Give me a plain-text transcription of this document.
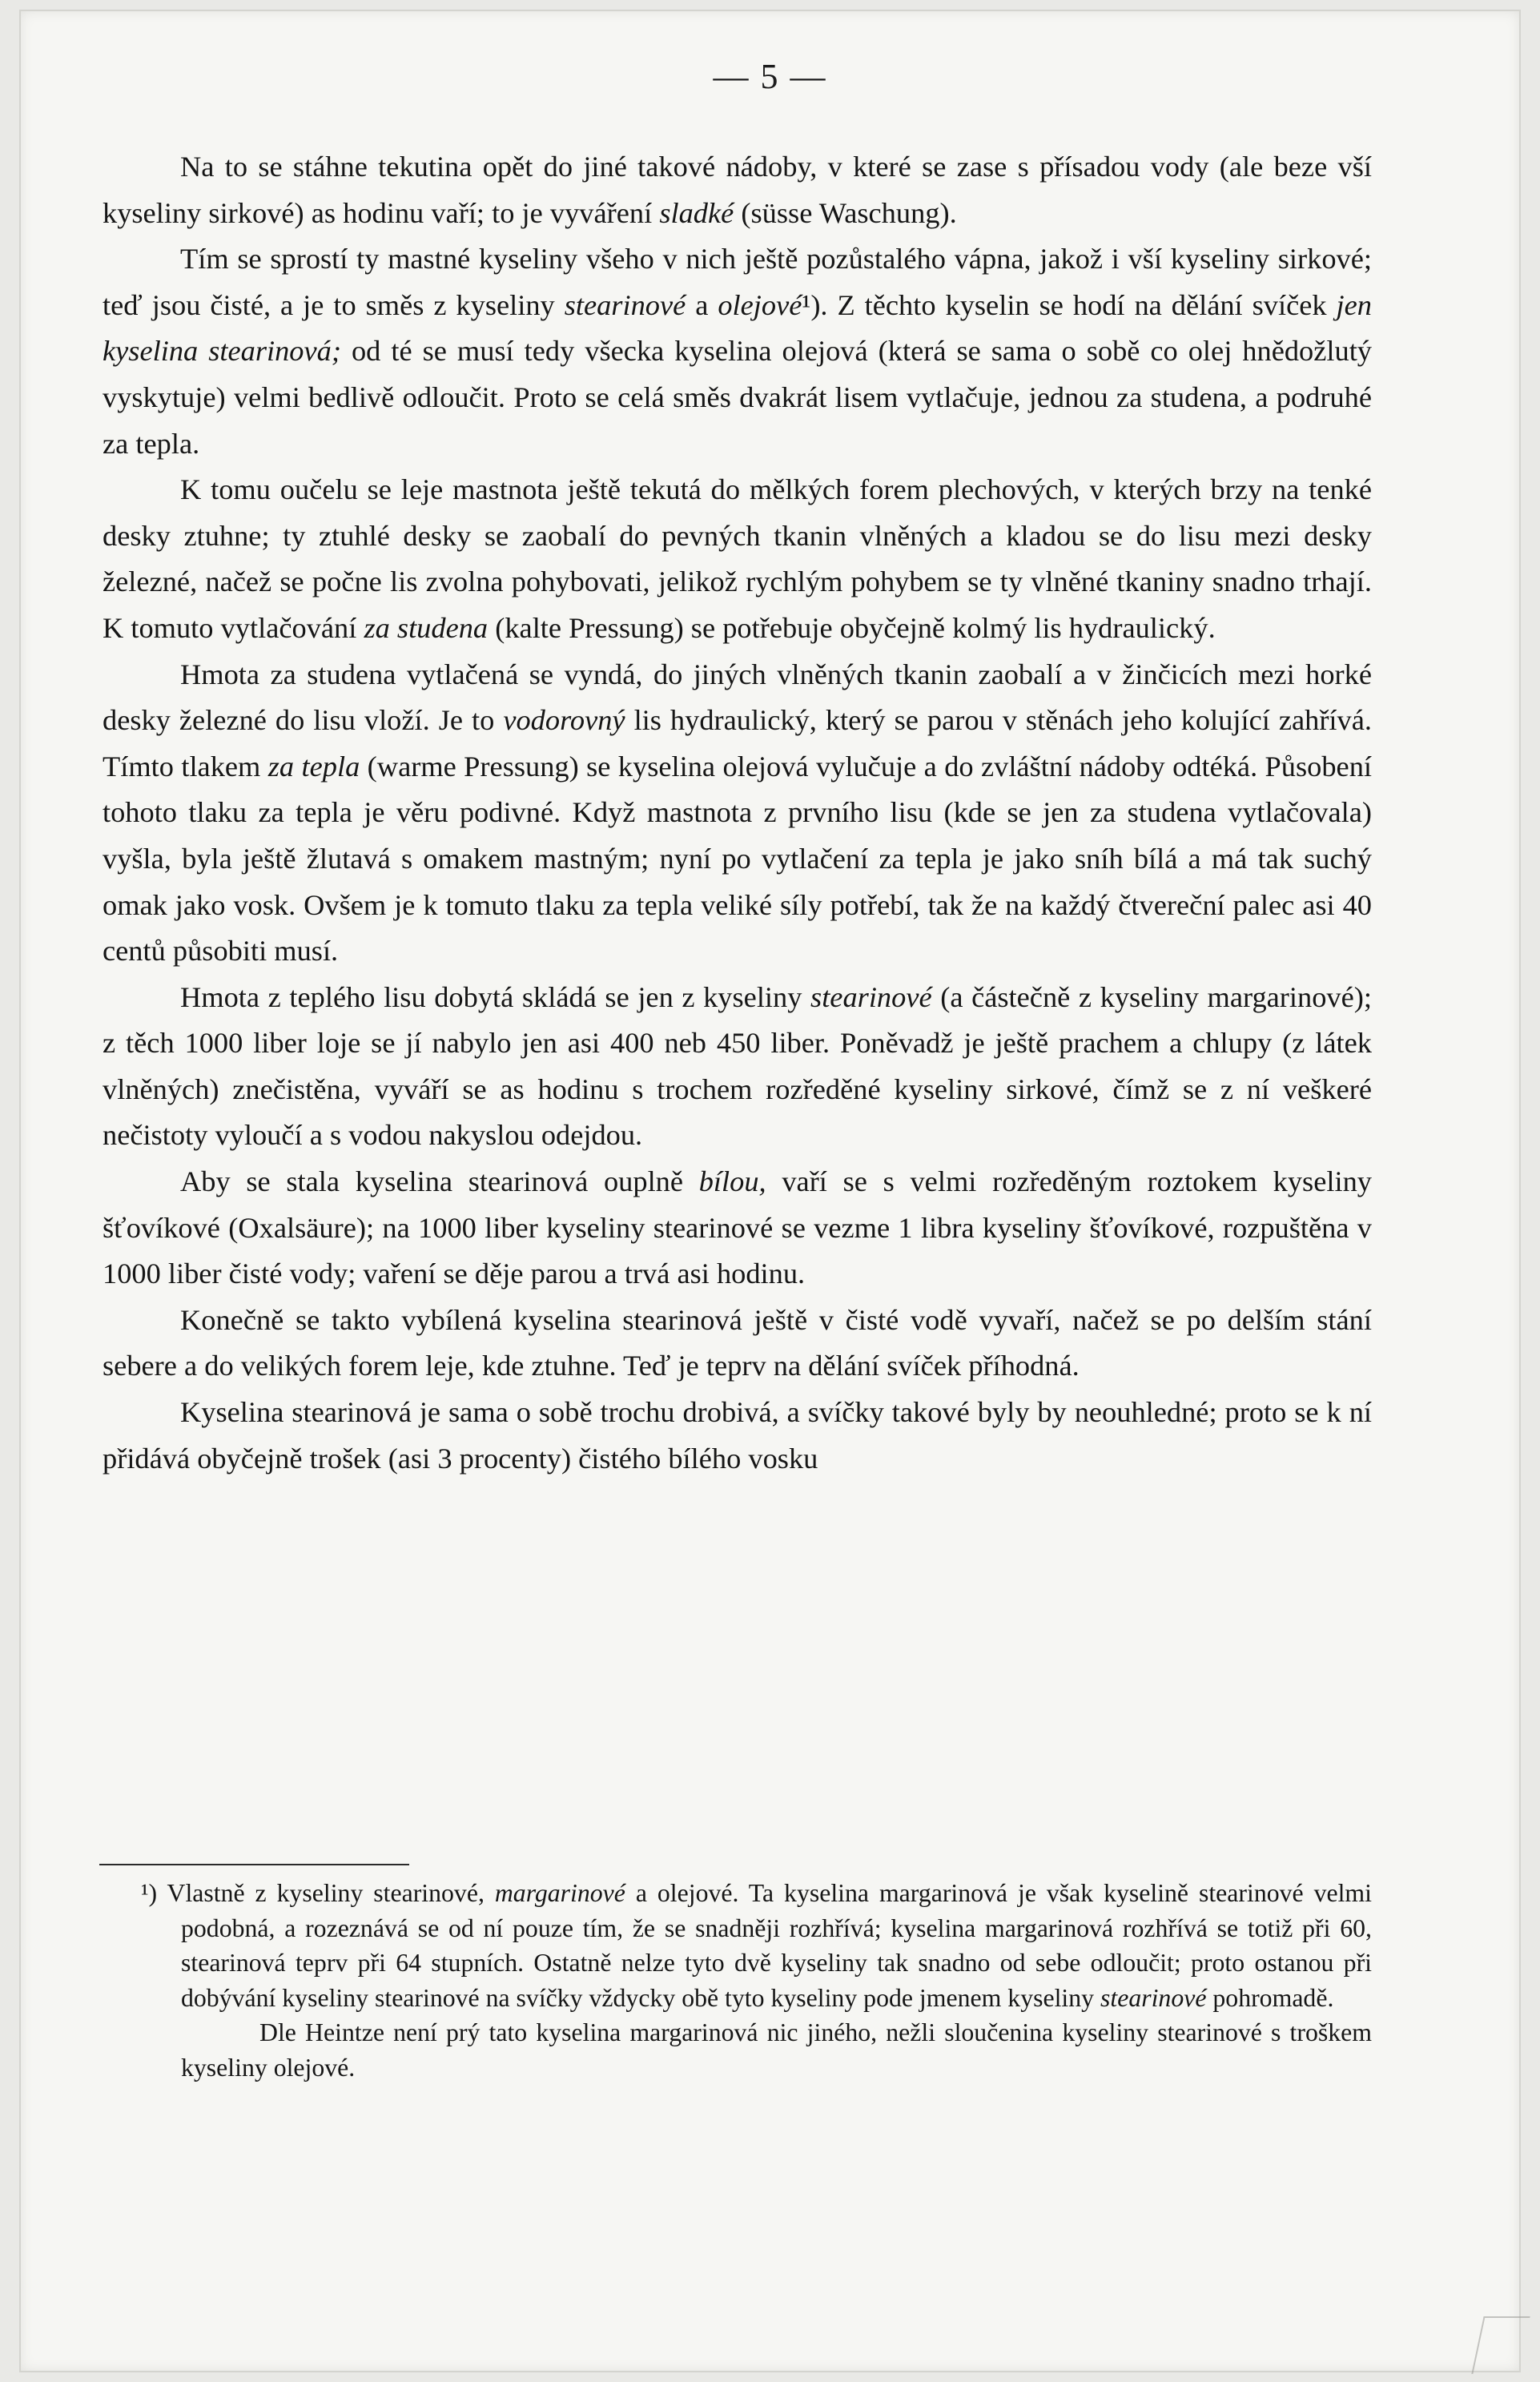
— 5 —

Na to se stáhne tekutina opět do jiné takové nádoby, v které se zase s přísadou vody (ale beze vší kyseliny sirkové) as hodinu vaří; to je vyváření sladké (süsse Waschung).

Tím se sprostí ty mastné kyseliny všeho v nich ještě pozůstalého vápna, jakož i vší kyseliny sirkové; teď jsou čisté, a je to směs z kyseliny stearinové a olejové¹). Z těchto kyselin se hodí na dělání svíček jen kyselina stearinová; od té se musí tedy všecka kyselina olejová (která se sama o sobě co olej hnědožlutý vyskytuje) velmi bedlivě odloučit. Proto se celá směs dvakrát lisem vytlačuje, jednou za studena, a podruhé za tepla.

K tomu oučelu se leje mastnota ještě tekutá do mělkých forem plechových, v kterých brzy na tenké desky ztuhne; ty ztuhlé desky se zaobalí do pevných tkanin vlněných a kladou se do lisu mezi desky železné, načež se počne lis zvolna pohybovati, jelikož rychlým pohybem se ty vlněné tkaniny snadno trhají. K tomuto vytlačování za studena (kalte Pressung) se potřebuje obyčejně kolmý lis hydraulický.

Hmota za studena vytlačená se vyndá, do jiných vlněných tkanin zaobalí a v žinčicích mezi horké desky železné do lisu vloží. Je to vodorovný lis hydraulický, který se parou v stěnách jeho kolující zahřívá. Tímto tlakem za tepla (warme Pressung) se kyselina olejová vylučuje a do zvláštní nádoby odtéká. Působení tohoto tlaku za tepla je věru podivné. Když mastnota z prvního lisu (kde se jen za studena vytlačovala) vyšla, byla ještě žlutavá s omakem mastným; nyní po vytlačení za tepla je jako sníh bílá a má tak suchý omak jako vosk. Ovšem je k tomuto tlaku za tepla veliké síly potřebí, tak že na každý čtvereční palec asi 40 centů působiti musí.

Hmota z teplého lisu dobytá skládá se jen z kyseliny stearinové (a částečně z kyseliny margarinové); z těch 1000 liber loje se jí nabylo jen asi 400 neb 450 liber. Poněvadž je ještě prachem a chlupy (z látek vlněných) znečistěna, vyváří se as hodinu s trochem rozředěné kyseliny sirkové, čímž se z ní veškeré nečistoty vyloučí a s vodou nakyslou odejdou.

Aby se stala kyselina stearinová ouplně bílou, vaří se s velmi rozředěným roztokem kyseliny šťovíkové (Oxalsäure); na 1000 liber kyseliny stearinové se vezme 1 libra kyseliny šťovíkové, rozpuštěna v 1000 liber čisté vody; vaření se děje parou a trvá asi hodinu.

Konečně se takto vybílená kyselina stearinová ještě v čisté vodě vyvaří, načež se po delším stání sebere a do velikých forem leje, kde ztuhne. Teď je teprv na dělání svíček příhodná.

Kyselina stearinová je sama o sobě trochu drobivá, a svíčky takové byly by neouhledné; proto se k ní přidává obyčejně trošek (asi 3 procenty) čistého bílého vosku

¹) Vlastně z kyseliny stearinové, margarinové a olejové. Ta kyselina margarinová je však kyselině stearinové velmi podobná, a rozeznává se od ní pouze tím, že se snadněji rozhřívá; kyselina margarinová rozhřívá se totiž při 60, stearinová teprv při 64 stupních. Ostatně nelze tyto dvě kyseliny tak snadno od sebe odloučit; proto ostanou při dobývání kyseliny stearinové na svíčky vždycky obě tyto kyseliny pode jmenem kyseliny stearinové pohromadě.

Dle Heintze není prý tato kyselina margarinová nic jiného, nežli sloučenina kyseliny stearinové s troškem kyseliny olejové.
